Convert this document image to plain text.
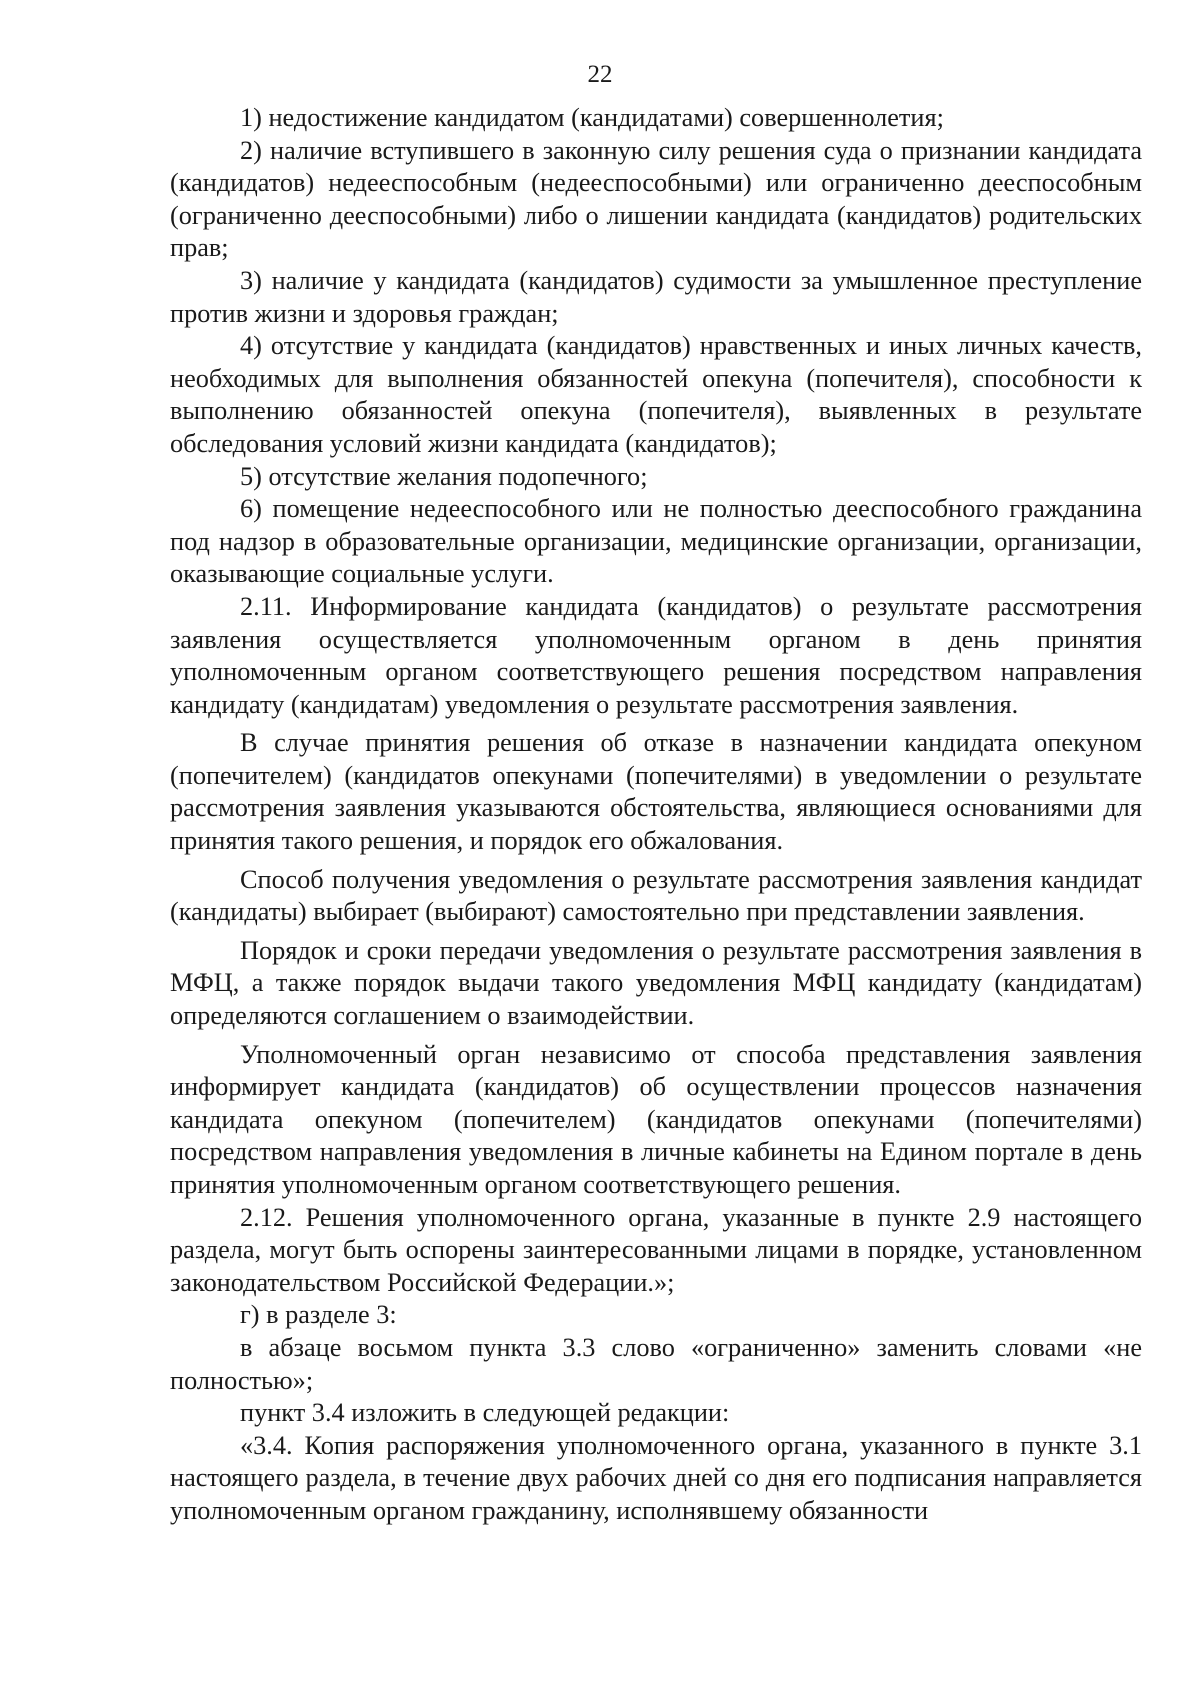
22

1) недостижение кандидатом (кандидатами) совершеннолетия;

2) наличие вступившего в законную силу решения суда о признании кандидата (кандидатов) недееспособным (недееспособными) или ограниченно дееспособным (ограниченно дееспособными) либо о лишении кандидата (кандидатов) родительских прав;

3) наличие у кандидата (кандидатов) судимости за умышленное преступление против жизни и здоровья граждан;

4) отсутствие у кандидата (кандидатов) нравственных и иных личных качеств, необходимых для выполнения обязанностей опекуна (попечителя), способности к выполнению обязанностей опекуна (попечителя), выявленных в результате обследования условий жизни кандидата (кандидатов);

5) отсутствие желания подопечного;

6) помещение недееспособного или не полностью дееспособного гражданина под надзор в образовательные организации, медицинские организации, организации, оказывающие социальные услуги.

2.11. Информирование кандидата (кандидатов) о результате рассмотрения заявления осуществляется уполномоченным органом в день принятия уполномоченным органом соответствующего решения посредством направления кандидату (кандидатам) уведомления о результате рассмотрения заявления.

В случае принятия решения об отказе в назначении кандидата опекуном (попечителем) (кандидатов опекунами (попечителями) в уведомлении о результате рассмотрения заявления указываются обстоятельства, являющиеся основаниями для принятия такого решения, и порядок его обжалования.

Способ получения уведомления о результате рассмотрения заявления кандидат (кандидаты) выбирает (выбирают) самостоятельно при представлении заявления.

Порядок и сроки передачи уведомления о результате рассмотрения заявления в МФЦ, а также порядок выдачи такого уведомления МФЦ кандидату (кандидатам) определяются соглашением о взаимодействии.

Уполномоченный орган независимо от способа представления заявления информирует кандидата (кандидатов) об осуществлении процессов назначения кандидата опекуном (попечителем) (кандидатов опекунами (попечителями) посредством направления уведомления в личные кабинеты на Едином портале в день принятия уполномоченным органом соответствующего решения.

2.12. Решения уполномоченного органа, указанные в пункте 2.9 настоящего раздела, могут быть оспорены заинтересованными лицами в порядке, установленном законодательством Российской Федерации.»;

г) в разделе 3:

в абзаце восьмом пункта 3.3 слово «ограниченно» заменить словами «не полностью»;

пункт 3.4 изложить в следующей редакции:

«3.4. Копия распоряжения уполномоченного органа, указанного в пункте 3.1 настоящего раздела, в течение двух рабочих дней со дня его подписания направляется уполномоченным органом гражданину, исполнявшему обязанности
